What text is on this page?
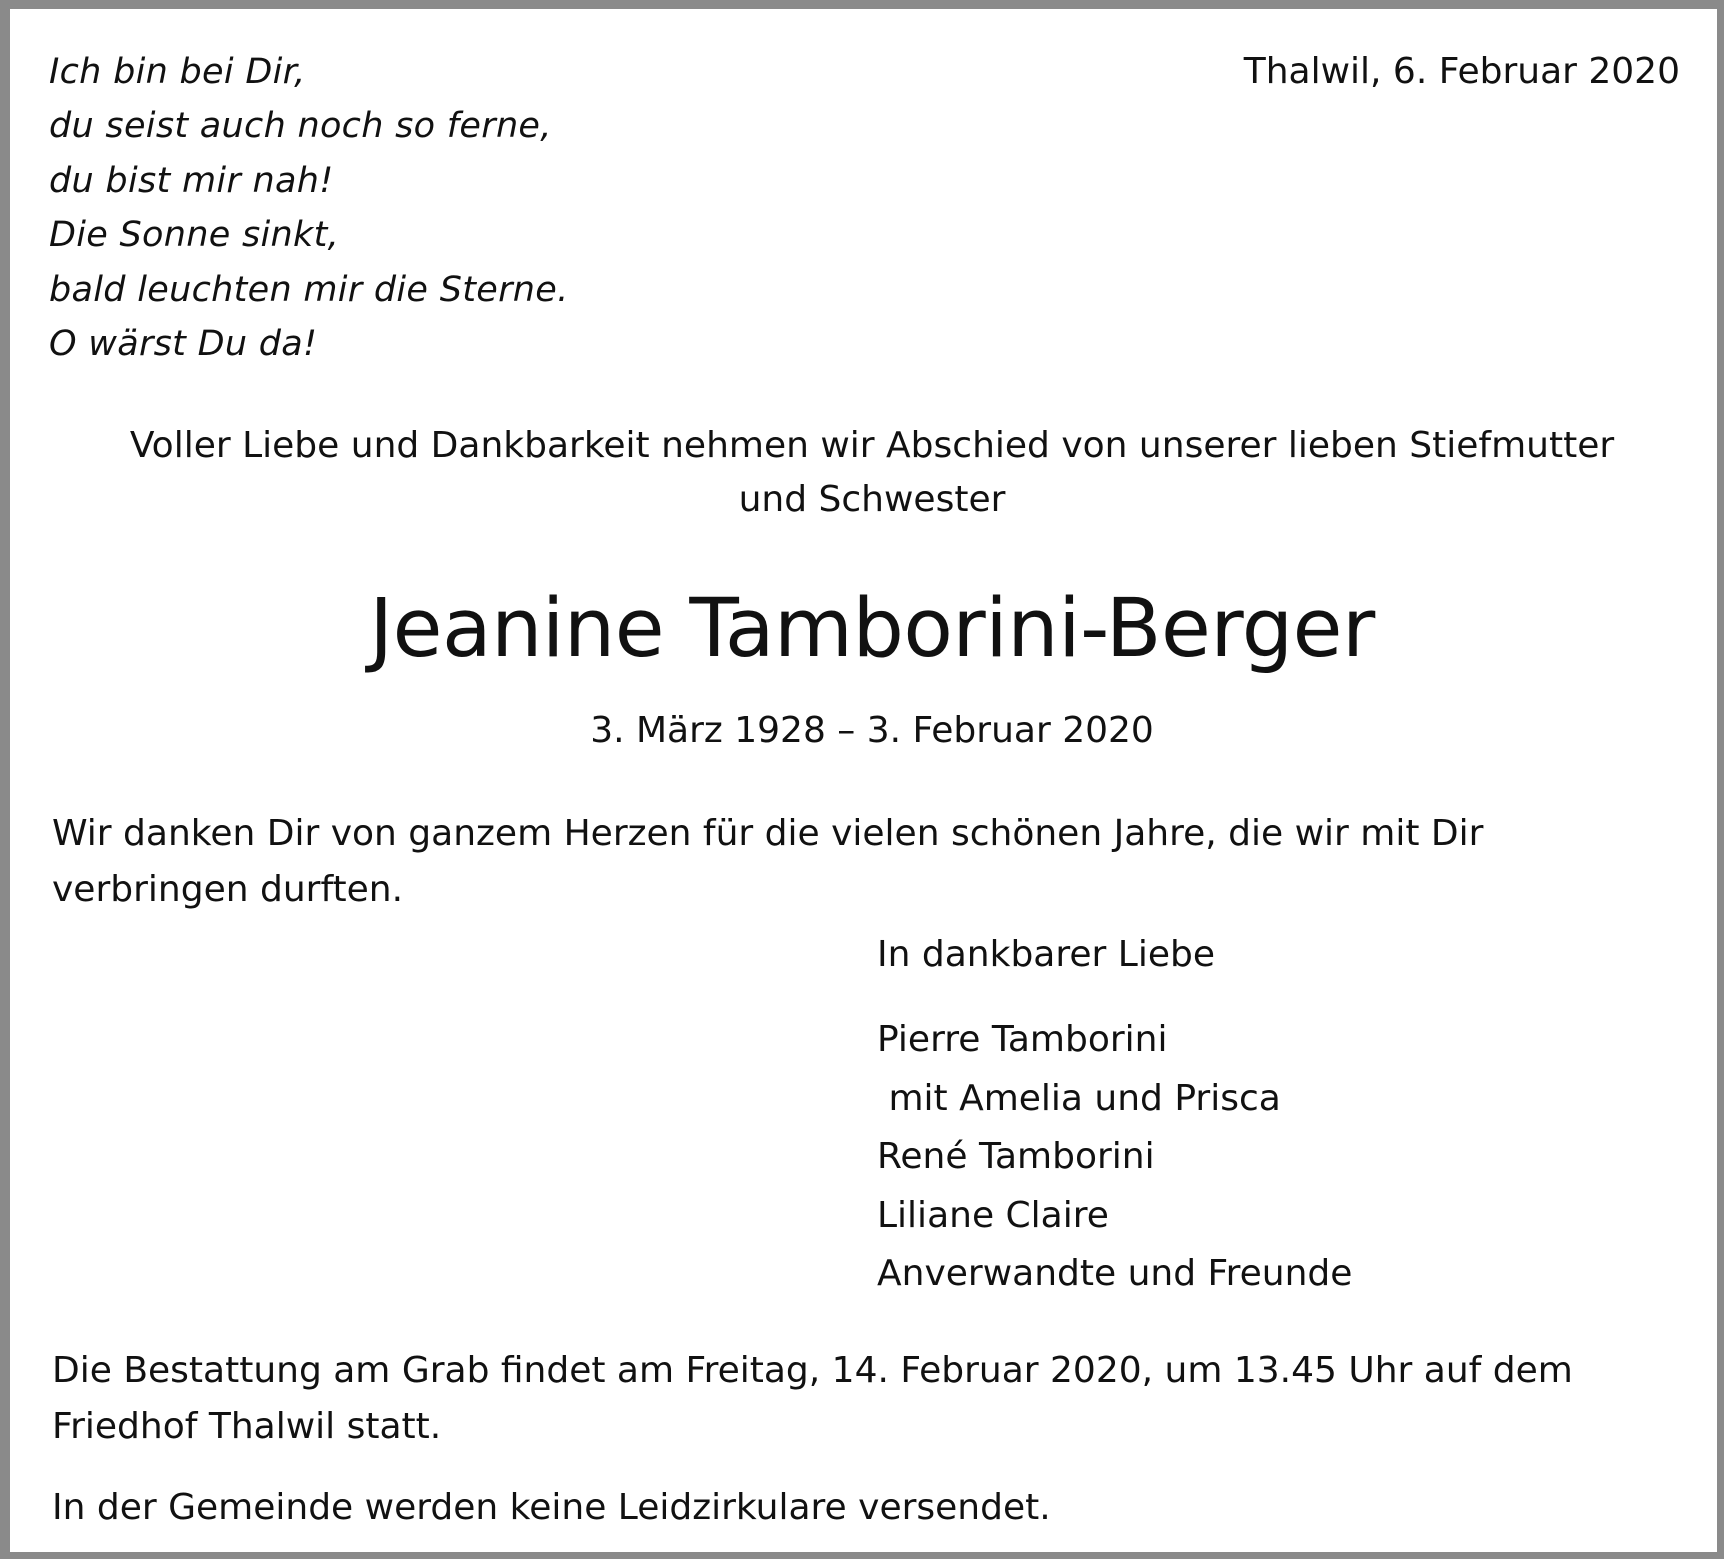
Ich bin bei Dir,
du seist auch noch so ferne,
du bist mir nah!
Die Sonne sinkt,
bald leuchten mir die Sterne.
O wärst Du da!
Thalwil, 6. Februar 2020
Voller Liebe und Dankbarkeit nehmen wir Abschied von unserer lieben Stiefmutter
und Schwester
Jeanine Tamborini-Berger
3. März 1928 – 3. Februar 2020
Wir danken Dir von ganzem Herzen für die vielen schönen Jahre, die wir mit Dir
verbringen durften.
In dankbarer Liebe
Pierre Tamborini
mit Amelia und Prisca
René Tamborini
Liliane Claire
Anverwandte und Freunde
Die Bestattung am Grab findet am Freitag, 14. Februar 2020, um 13.45 Uhr auf dem
Friedhof Thalwil statt.
In der Gemeinde werden keine Leidzirkulare versendet.
